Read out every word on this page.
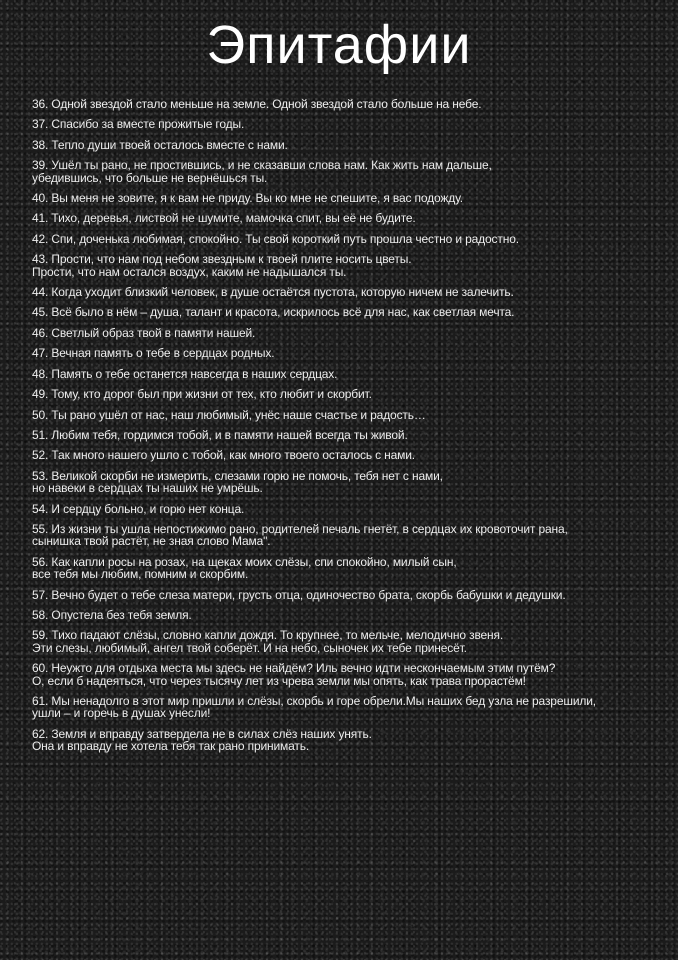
Эпитафии
36. Одной звездой стало меньше на земле. Одной звездой стало больше на небе.
37. Спасибо за вместе прожитые годы.
38. Тепло души твоей осталось вместе с нами.
39. Ушёл ты рано, не простившись, и не сказавши слова нам. Как жить нам дальше,
убедившись, что больше не вернёшься ты.
40. Вы меня не зовите, я к вам не приду. Вы ко мне не спешите, я вас подожду.
41. Тихо, деревья, листвой не шумите, мамочка спит, вы её не будите.
42. Спи, доченька любимая, спокойно. Ты свой короткий путь прошла честно и радостно.
43. Прости, что нам под небом звездным к твоей плите носить цветы.
Прости, что нам остался воздух, каким не надышался ты.
44. Когда уходит близкий человек, в душе остаётся пустота, которую ничем не залечить.
45. Всё было в нём – душа, талант и красота, искрилось всё для нас, как светлая мечта.
46. Светлый образ твой в памяти нашей.
47. Вечная память о тебе в сердцах родных.
48. Память о тебе останется навсегда в наших сердцах.
49. Тому, кто дорог был при жизни от тех, кто любит и скорбит.
50. Ты рано ушёл от нас, наш любимый, унёс наше счастье и радость…
51. Любим тебя, гордимся тобой, и в памяти нашей всегда ты живой.
52. Так много нашего ушло с тобой, как много твоего осталось с нами.
53. Великой скорби не измерить, слезами горю не помочь, тебя нет с нами,
но навеки в сердцах ты наших не умрёшь.
54. И сердцу больно, и горю нет конца.
55. Из жизни ты ушла непостижимо рано, родителей печаль гнетёт, в сердцах их кровоточит рана,
сынишка твой растёт, не зная слово Мама".
56. Как капли росы на розах, на щеках моих слёзы, спи спокойно, милый сын,
все тебя мы любим, помним и скорбим.
57. Вечно будет о тебе слеза матери, грусть отца, одиночество брата, скорбь бабушки и дедушки.
58. Опустела без тебя земля.
59. Тихо падают слёзы, словно капли дождя. То крупнее, то мельче, мелодично звеня.
Эти слезы, любимый, ангел твой соберёт. И на небо, сыночек их тебе принесёт.
60. Неужто для отдыха места мы здесь не найдём? Иль вечно идти нескончаемым этим путём?
О, если б надеяться, что через тысячу лет из чрева земли мы опять, как трава прорастём!
61. Мы ненадолго в этот мир пришли и слёзы, скорбь и горе обрели.Мы наших бед узла не разрешили,
ушли – и горечь в душах унесли!
62. Земля и вправду затвердела не в силах слёз наших унять.
Она и вправду не хотела тебя так рано принимать.
